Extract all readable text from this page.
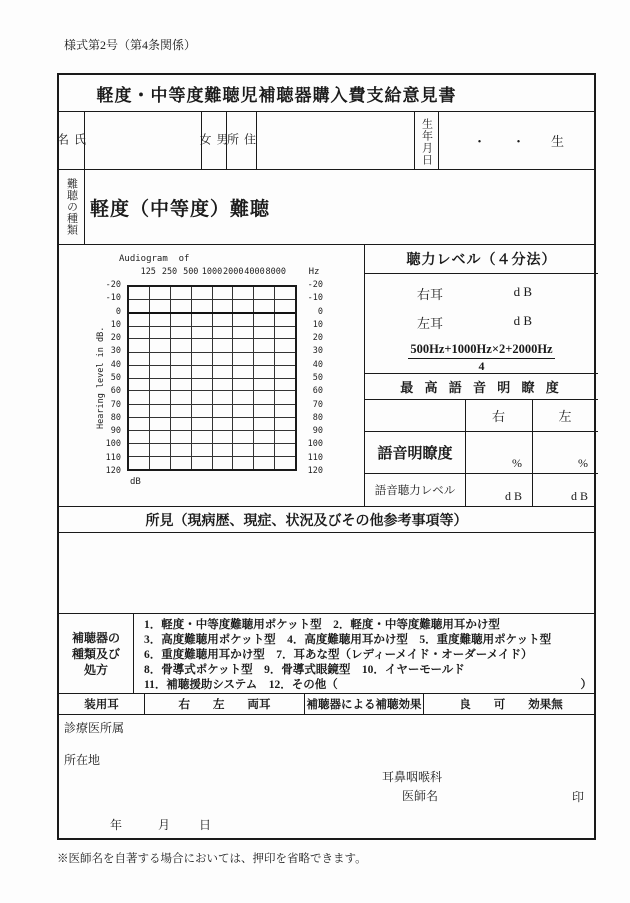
様式第2号（第4条関係）
軽度・中等度難聴児補聴器購入費支給意見書
氏名	男女	住所	生年月日	・　　・　　生
難聴の種類 軽度（中等度）難聴
Audiogram  of
125 250 500 1000 2000 4000 8000	Hz
-20
-10
0
10
20
30
40
50
60
70
80
90
100
110
120
-20
-10
0
10
20
30
40
50
60
70
80
90
100
110
120
dB
Hearing level in dB.
聴力レベル（４分法）
右耳	d B
左耳	d B
$\frac{500Hz+1000Hz\times 2+2000Hz}{4}$
最 高 語 音 明 瞭 度
右	左
語音明瞭度
%	%
語音聴力レベル	d B	d B
所見（現病歴、現症、状況及びその他参考事項等）
補聴器の
種類及び
処方
1．軽度・中等度難聴用ポケット型　2．軽度・中等度難聴用耳かけ型
3．高度難聴用ポケット型　4．高度難聴用耳かけ型　5．重度難聴用ポケット型
6．重度難聴用耳かけ型　7．耳あな型（レディーメイド・オーダーメイド）
8．骨導式ポケット型　9．骨導式眼鏡型　10．イヤーモールド
11．補聴援助システム　12．その他（	）
装用耳	右　　左　　両耳	補聴器による補聴効果	良　　可　　効果無
診療医所属
所在地
耳鼻咽喉科
医師名	印
年	月 日
※医師名を自著する場合においては、押印を省略できます。
